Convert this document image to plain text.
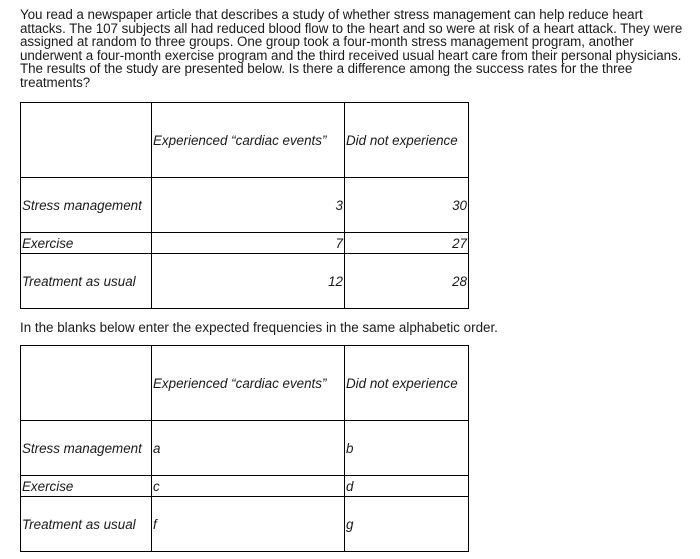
You read a newspaper article that describes a study of whether stress management can help reduce heart attacks. The 107 subjects all had reduced blood flow to the heart and so were at risk of a heart attack. They were assigned at random to three groups. One group took a four-month stress management program, another underwent a four-month exercise program and the third received usual heart care from their personal physicians. The results of the study are presented below. Is there a difference among the success rates for the three treatments?

	Experienced “cardiac events”	Did not experience
Stress management	3	30
Exercise	7	27
Treatment as usual	12	28

In the blanks below enter the expected frequencies in the same alphabetic order.

	Experienced “cardiac events”	Did not experience
Stress management	a	b
Exercise	c	d
Treatment as usual	f	g
